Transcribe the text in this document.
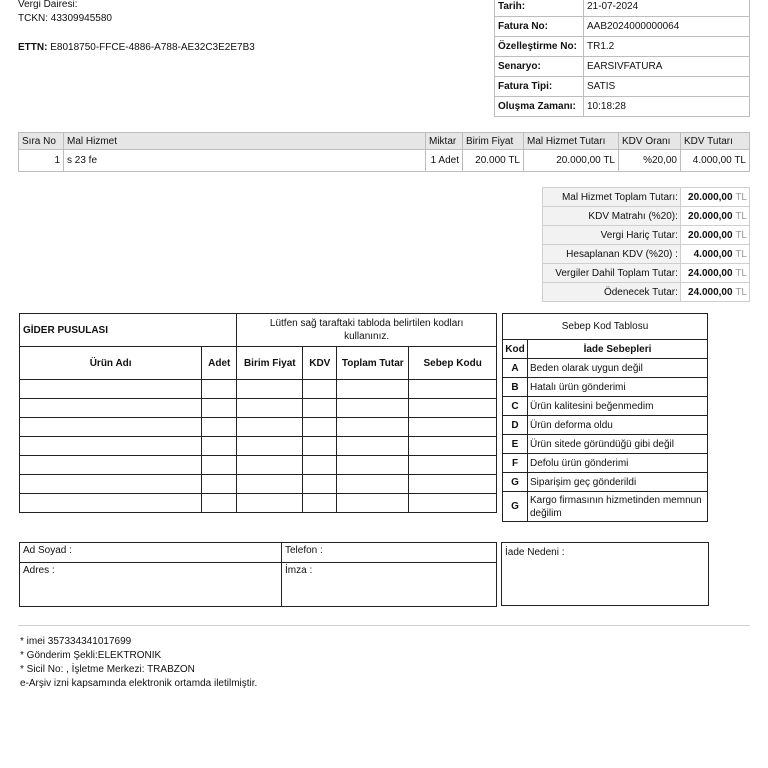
Vergi Dairesi:
TCKN: 43309945580
ETTN: E8018750-FFCE-4886-A788-AE32C3E2E7B3
Tarih:	21-07-2024
Fatura No:	AAB2024000000064
Özelleştirme No:	TR1.2
Senaryo:	EARSIVFATURA
Fatura Tipi:	SATIS
Oluşma Zamanı:	10:18:28
Sıra No	Mal Hizmet	Miktar	Birim Fiyat	Mal Hizmet Tutarı	KDV Oranı	KDV Tutarı
1	s 23 fe	1 Adet	20.000 TL	20.000,00 TL	%20,00	4.000,00 TL
Mal Hizmet Toplam Tutarı:	20.000,00 TL
KDV Matrahı (%20):	20.000,00 TL
Vergi Hariç Tutar:	20.000,00 TL
Hesaplanan KDV (%20) :	4.000,00 TL
Vergiler Dahil Toplam Tutar:	24.000,00 TL
Ödenecek Tutar:	24.000,00 TL
GİDER PUSULASI		Lütfen sağ taraftaki tabloda belirtilen kodları kullanınız.			
Ürün Adı	Adet	Birim Fiyat	KDV	Toplam Tutar	Sebep Kodu

Sebep Kod Tablosu	
Kod	İade Sebepleri
A	Beden olarak uygun değil
B	Hatalı ürün gönderimi
C	Ürün kalitesini beğenmedim
D	Ürün deforma oldu
E	Ürün sitede göründüğü gibi değil
F	Defolu ürün gönderimi
G	Siparişim geç gönderildi
G	Kargo firmasının hizmetinden memnun değilim
Ad Soyad :	Telefon :
Adres :	İmza :
İade Nedeni :
* imei 357334341017699
* Gönderim Şekli:ELEKTRONIK
* Sicil No: , İşletme Merkezi: TRABZON
e-Arşiv izni kapsamında elektronik ortamda iletilmiştir.
